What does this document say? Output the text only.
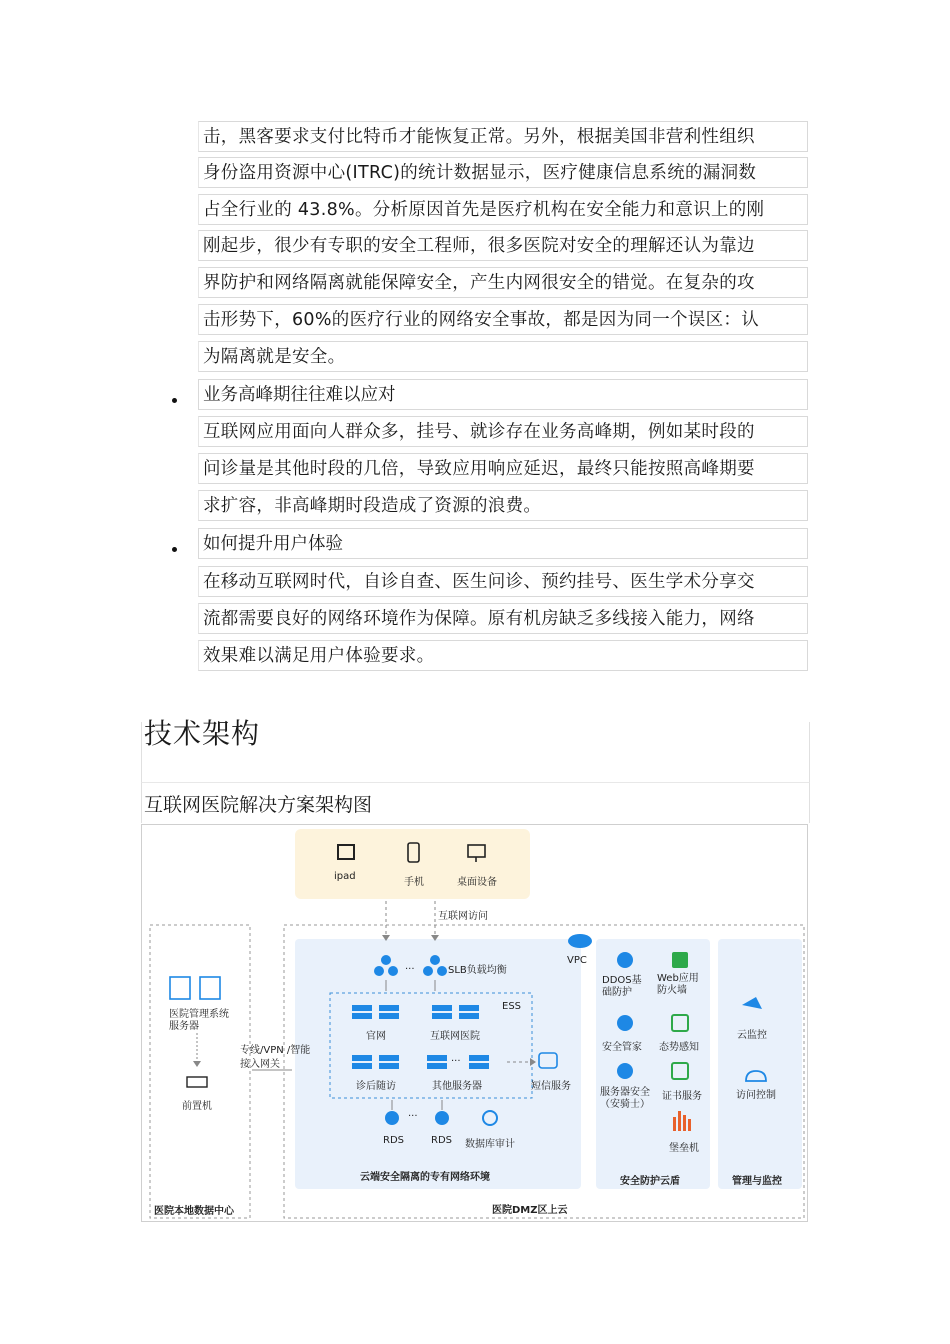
击，黑客要求支付比特币才能恢复正常。另外，根据美国非营利性组织
身份盗用资源中心(ITRC)的统计数据显示，医疗健康信息系统的漏洞数
占全行业的 43.8%。分析原因首先是医疗机构在安全能力和意识上的刚
刚起步，很少有专职的安全工程师，很多医院对安全的理解还认为靠边
界防护和网络隔离就能保障安全，产生内网很安全的错觉。在复杂的攻
击形势下，60%的医疗行业的网络安全事故，都是因为同一个误区：认
为隔离就是安全。
业务高峰期往往难以应对
互联网应用面向人群众多，挂号、就诊存在业务高峰期，例如某时段的
问诊量是其他时段的几倍，导致应用响应延迟，最终只能按照高峰期要
求扩容，非高峰期时段造成了资源的浪费。
如何提升用户体验
在移动互联网时代，自诊自查、医生问诊、预约挂号、医生学术分享交
流都需要良好的网络环境作为保障。原有机房缺乏多线接入能力，网络
效果难以满足用户体验要求。
技术架构
互联网医院解决方案架构图
ipad
手机	桌面设备
互联网访问
VPC
SLB负载均衡
...
ESS
官网	互联网医院
诊后随访	其他服务器
...
短信服务
RDS	RDS
...
数据库审计
云端安全隔离的专有网络环境
医院DMZ区上云
医院本地数据中心
医院管理系统服务器
前置机
专线/VPN /智能接入网关
DDOS基础防护
Web应用防火墙
安全管家 态势感知
服务器安全（安骑士）
证书服务
堡垒机
安全防护云盾
云监控
访问控制
管理与监控
